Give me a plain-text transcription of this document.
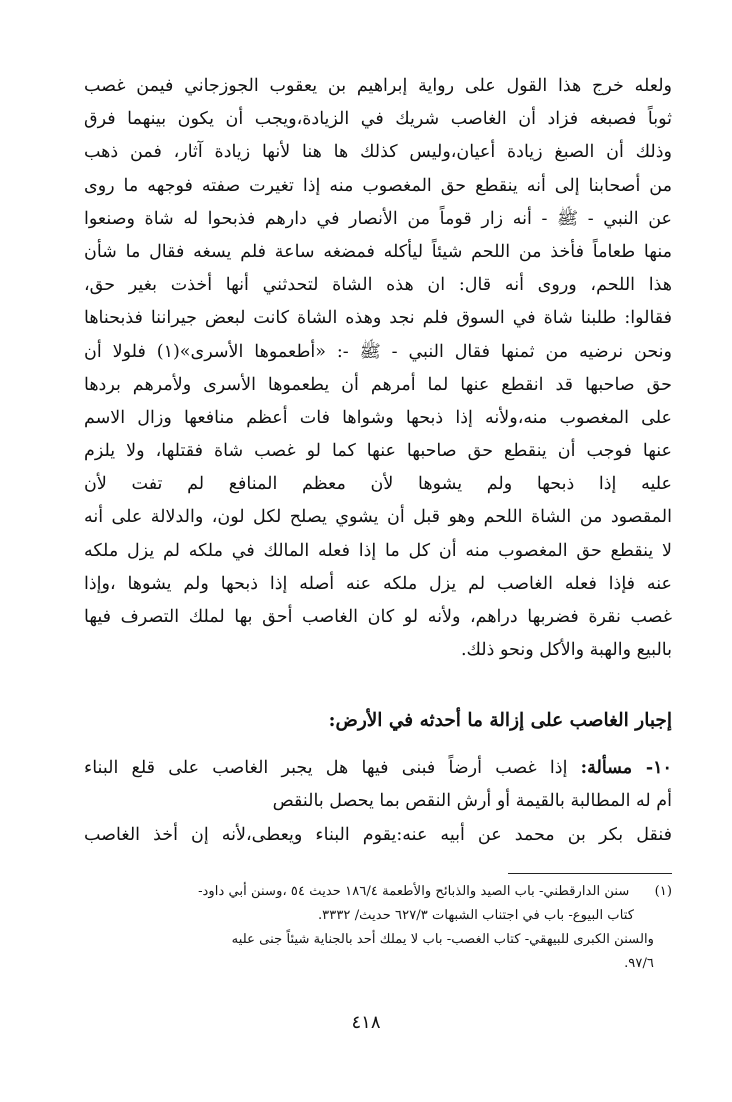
ولعله خرج هذا القول على رواية إبراهيم بن يعقوب الجوزجاني فيمن غصب
ثوباً فصبغه فزاد أن الغاصب شريك في الزيادة،ويجب أن يكون بينهما فرق
وذلك أن الصبغ زيادة أعيان،وليس كذلك ها هنا لأنها زيادة آثار، فمن ذهب
من أصحابنا إلى أنه ينقطع حق المغصوب منه إذا تغيرت صفته فوجهه ما روى
عن النبي - ﷺ - أنه زار قوماً من الأنصار في دارهم فذبحوا له شاة وصنعوا
منها طعاماً فأخذ من اللحم شيئاً ليأكله فمضغه ساعة فلم يسغه فقال ما شأن
هذا اللحم، وروى أنه قال: ان هذه الشاة لتحدثني أنها أخذت بغير حق،
فقالوا: طلبنا شاة في السوق فلم نجد وهذه الشاة كانت لبعض جيراننا فذبحناها
ونحن نرضيه من ثمنها فقال النبي - ﷺ -: «أطعموها الأسرى»(١) فلولا أن
حق صاحبها قد انقطع عنها لما أمرهم أن يطعموها الأسرى ولأمرهم بردها
على المغصوب منه،ولأنه إذا ذبحها وشواها فات أعظم منافعها وزال الاسم
عنها فوجب أن ينقطع حق صاحبها عنها كما لو غصب شاة فقتلها، ولا يلزم
عليه إذا ذبحها ولم يشوها لأن معظم المنافع لم تفت لأن
المقصود من الشاة اللحم وهو قبل أن يشوي يصلح لكل لون، والدلالة على أنه
لا ينقطع حق المغصوب منه أن كل ما إذا فعله المالك في ملكه لم يزل ملكه
عنه فإذا فعله الغاصب لم يزل ملكه عنه أصله إذا ذبحها ولم يشوها ،وإذا
غصب نقرة فضربها دراهم، ولأنه لو كان الغاصب أحق بها لملك التصرف فيها
بالبيع والهبة والأكل ونحو ذلك.
إجبار الغاصب على إزالة ما أحدثه في الأرض:
١٠- مسألة: إذا غصب أرضاً فبنى فيها هل يجبر الغاصب على قلع البناء
أم له المطالبة بالقيمة أو أرش النقص بما يحصل بالنقص
فنقل بكر بن محمد عن أبيه عنه:يقوم البناء ويعطى،لأنه إن أخذ الغاصب
(١)   سنن الدارقطني- باب الصيد والذبائح والأطعمة ١٨٦/٤ حديث ٥٤ ،وسنن أبي داود-
كتاب البيوع- باب في اجتناب الشبهات ٦٢٧/٣ حديث/ ٣٣٣٢.
والسنن الكبرى للبيهقي- كتاب الغصب- باب لا يملك أحد بالجناية شيئاً جنى عليه
٩٧/٦.
٤١٨
